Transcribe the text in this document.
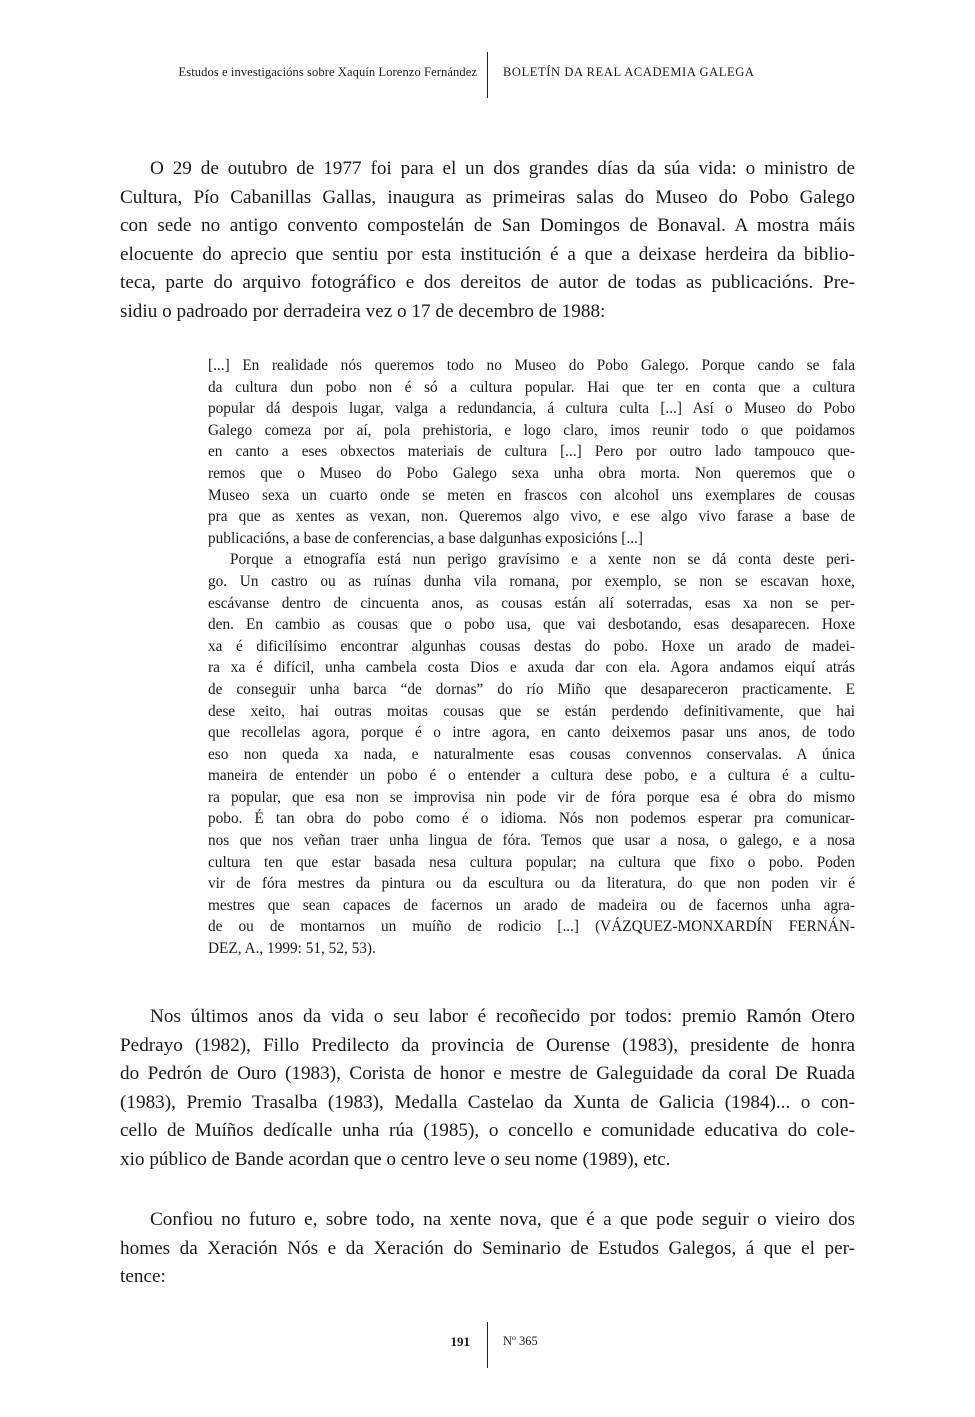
Estudos e investigacións sobre Xaquín Lorenzo Fernández BOLETÍN DA REAL ACADEMIA GALEGA
O 29 de outubro de 1977 foi para el un dos grandes días da súa vida: o ministro de
Cultura, Pío Cabanillas Gallas, inaugura as primeiras salas do Museo do Pobo Galego
con sede no antigo convento compostelán de San Domingos de Bonaval. A mostra máis
elocuente do aprecio que sentiu por esta institución é a que a deixase herdeira da biblio-
teca, parte do arquivo fotográfico e dos dereitos de autor de todas as publicacións. Pre-
sidiu o padroado por derradeira vez o 17 de decembro de 1988:
[...] En realidade nós queremos todo no Museo do Pobo Galego. Porque cando se fala
da cultura dun pobo non é só a cultura popular. Hai que ter en conta que a cultura
popular dá despois lugar, valga a redundancia, á cultura culta [...] Así o Museo do Pobo
Galego comeza por aí, pola prehistoria, e logo claro, imos reunir todo o que poidamos
en canto a eses obxectos materiais de cultura [...] Pero por outro lado tampouco que-
remos que o Museo do Pobo Galego sexa unha obra morta. Non queremos que o
Museo sexa un cuarto onde se meten en frascos con alcohol uns exemplares de cousas
pra que as xentes as vexan, non. Queremos algo vivo, e ese algo vivo farase a base de
publicacións, a base de conferencias, a base dalgunhas exposicións [...]
Porque a etnografía está nun perigo gravísimo e a xente non se dá conta deste peri-
go. Un castro ou as ruínas dunha vila romana, por exemplo, se non se escavan hoxe,
escávanse dentro de cincuenta anos, as cousas están alí soterradas, esas xa non se per-
den. En cambio as cousas que o pobo usa, que vai desbotando, esas desaparecen. Hoxe
xa é dificilísimo encontrar algunhas cousas destas do pobo. Hoxe un arado de madei-
ra xa é difícil, unha cambela costa Dios e axuda dar con ela. Agora andamos eiquí atrás
de conseguir unha barca “de dornas” do río Miño que desapareceron practicamente. E
dese xeito, hai outras moitas cousas que se están perdendo definitivamente, que hai
que recollelas agora, porque é o intre agora, en canto deixemos pasar uns anos, de todo
eso non queda xa nada, e naturalmente esas cousas convennos conservalas. A única
maneira de entender un pobo é o entender a cultura dese pobo, e a cultura é a cultu-
ra popular, que esa non se improvisa nin pode vir de fóra porque esa é obra do mismo
pobo. É tan obra do pobo como é o idioma. Nós non podemos esperar pra comunicar-
nos que nos veñan traer unha lingua de fóra. Temos que usar a nosa, o galego, e a nosa
cultura ten que estar basada nesa cultura popular; na cultura que fixo o pobo. Poden
vir de fóra mestres da pintura ou da escultura ou da literatura, do que non poden vir é
mestres que sean capaces de facernos un arado de madeira ou de facernos unha agra-
de ou de montarnos un muíño de rodicio [...] (VÁZQUEZ-MONXARDÍN FERNÁN-
DEZ, A., 1999: 51, 52, 53).
Nos últimos anos da vida o seu labor é recoñecido por todos: premio Ramón Otero
Pedrayo (1982), Fillo Predilecto da provincia de Ourense (1983), presidente de honra
do Pedrón de Ouro (1983), Corista de honor e mestre de Galeguidade da coral De Ruada
(1983), Premio Trasalba (1983), Medalla Castelao da Xunta de Galicia (1984)... o con-
cello de Muíños dedícalle unha rúa (1985), o concello e comunidade educativa do cole-
xio público de Bande acordan que o centro leve o seu nome (1989), etc.
Confiou no futuro e, sobre todo, na xente nova, que é a que pode seguir o vieiro dos
homes da Xeración Nós e da Xeración do Seminario de Estudos Galegos, á que el per-
tence:
191	Nº 365
